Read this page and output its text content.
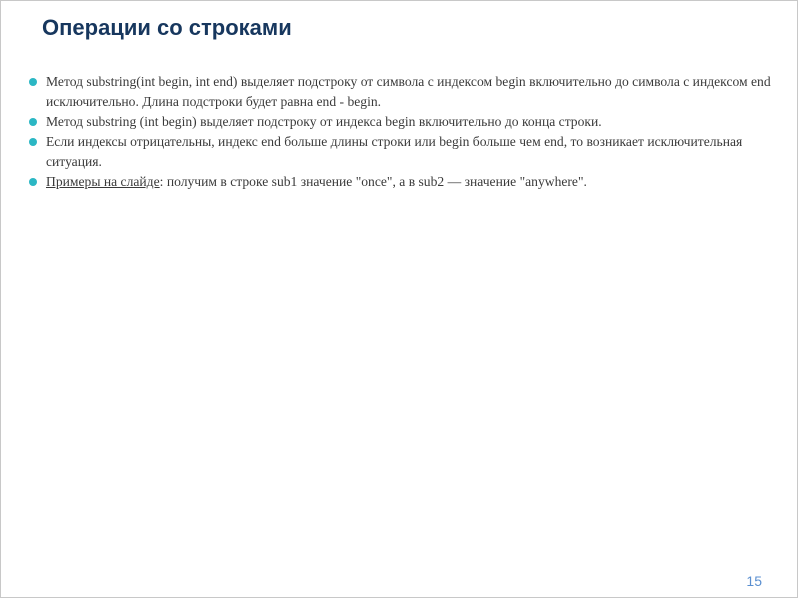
Операции со строками
Метод substring(int begin, int end) выделяет подстроку от символа с индексом begin включительно до символа с индексом end исключительно. Длина подстроки будет равна end - begin.
Метод substring (int begin) выделяет подстроку от индекса begin включительно до конца строки.
Если индексы отрицательны, индекс end больше длины строки или begin больше чем end, то возникает исключительная ситуация.
Примеры на слайде: получим в строке sub1 значение "once", а в sub2 — значение "anywhere".
15
